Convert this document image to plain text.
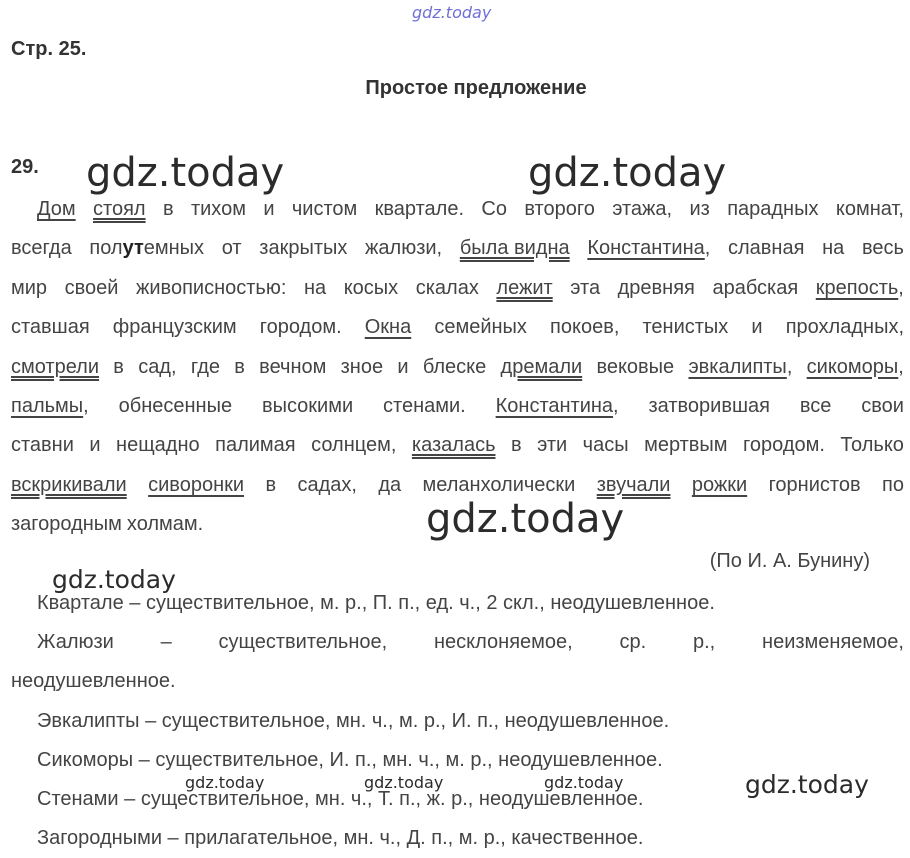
gdz.today
Стр. 25.
Простое предложение
29. gdz.today	gdz.today
Дом стоял в тихом и чистом квартале. Со второго этажа, из парадных комнат,
всегда полутемных от закрытых жалюзи, была видна Константина, славная на весь
мир своей живописностью: на косых скалах лежит эта древняя арабская крепость,
ставшая французским городом. Окна семейных покоев, тенистых и прохладных,
смотрели в сад, где в вечном зное и блеске дремали вековые эвкалипты, сикоморы,
пальмы, обнесенные высокими стенами. Константина, затворившая все свои
ставни и нещадно палимая солнцем, казалась в эти часы мертвым городом. Только
вскрикивали сиворонки в садах, да меланхолически звучали рожки горнистов по
загородным холмам.	gdz.today
(По И. А. Бунину)
gdz.today
Квартале – существительное, м. р., П. п., ед. ч., 2 скл., неодушевленное.
Жалюзи – существительное, несклоняемое, ср. р., неизменяемое,
неодушевленное.
Эвкалипты – существительное, мн. ч., м. р., И. п., неодушевленное.
Сикоморы – существительное, И. п., мн. ч., м. р., неодушевленное.
Стенами – существительное, мн. ч., Т. п., ж. р., неодушевленное.
Загородными – прилагательное, мн. ч., Д. п., м. р., качественное.
gdz.today	gdz.today	gdz.today	gdz.today
